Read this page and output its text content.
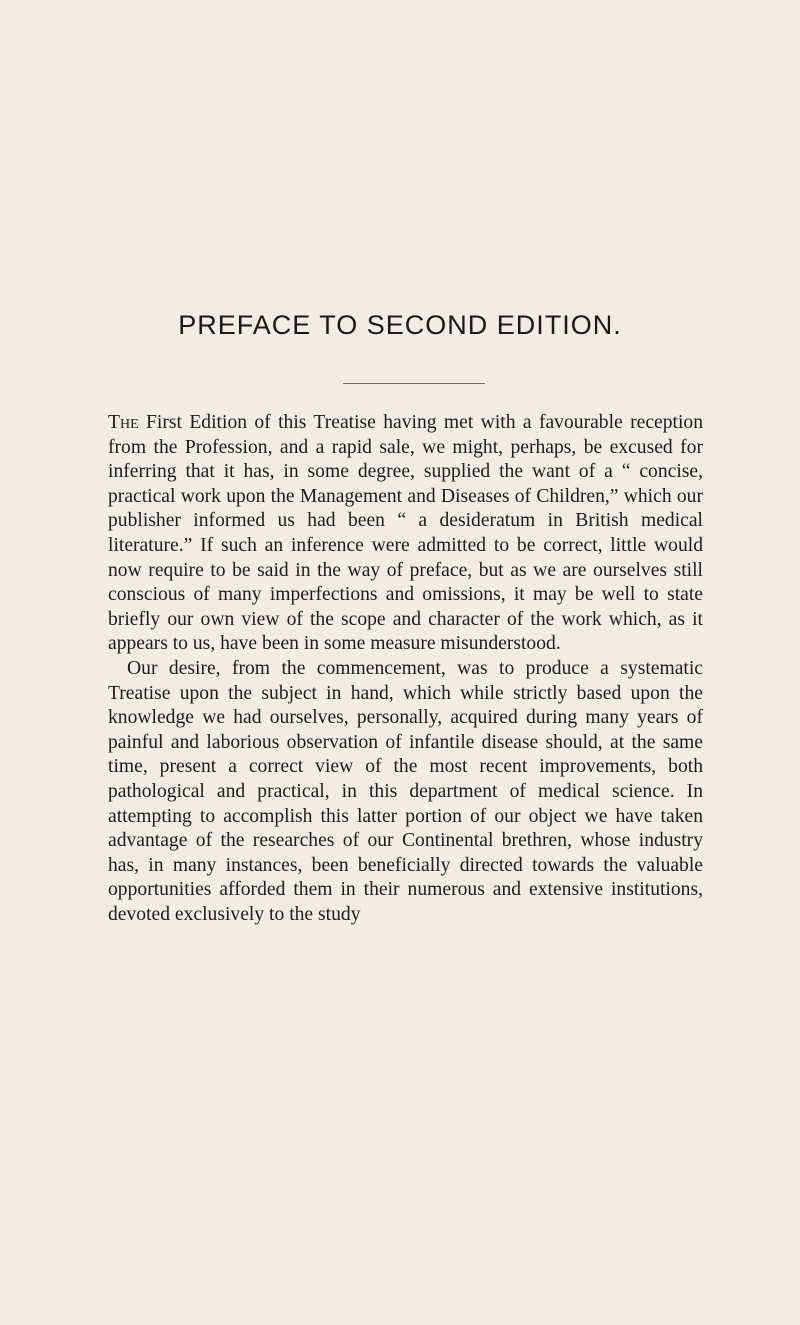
PREFACE TO SECOND EDITION.

The First Edition of this Treatise having met with a favourable reception from the Profession, and a rapid sale, we might, perhaps, be excused for inferring that it has, in some degree, supplied the want of a “ concise, practical work upon the Management and Diseases of Children,” which our publisher informed us had been “ a desideratum in British medical literature.” If such an inference were admitted to be correct, little would now require to be said in the way of preface, but as we are ourselves still conscious of many imperfections and omissions, it may be well to state briefly our own view of the scope and character of the work which, as it appears to us, have been in some measure misunderstood.

Our desire, from the commencement, was to produce a systematic Treatise upon the subject in hand, which while strictly based upon the knowledge we had ourselves, personally, acquired during many years of painful and laborious observation of infantile disease should, at the same time, present a correct view of the most recent improvements, both pathological and practical, in this department of medical science. In attempting to accomplish this latter portion of our object we have taken advantage of the researches of our Continental brethren, whose industry has, in many instances, been beneficially directed towards the valuable opportunities afforded them in their numerous and extensive institutions, devoted exclusively to the study
